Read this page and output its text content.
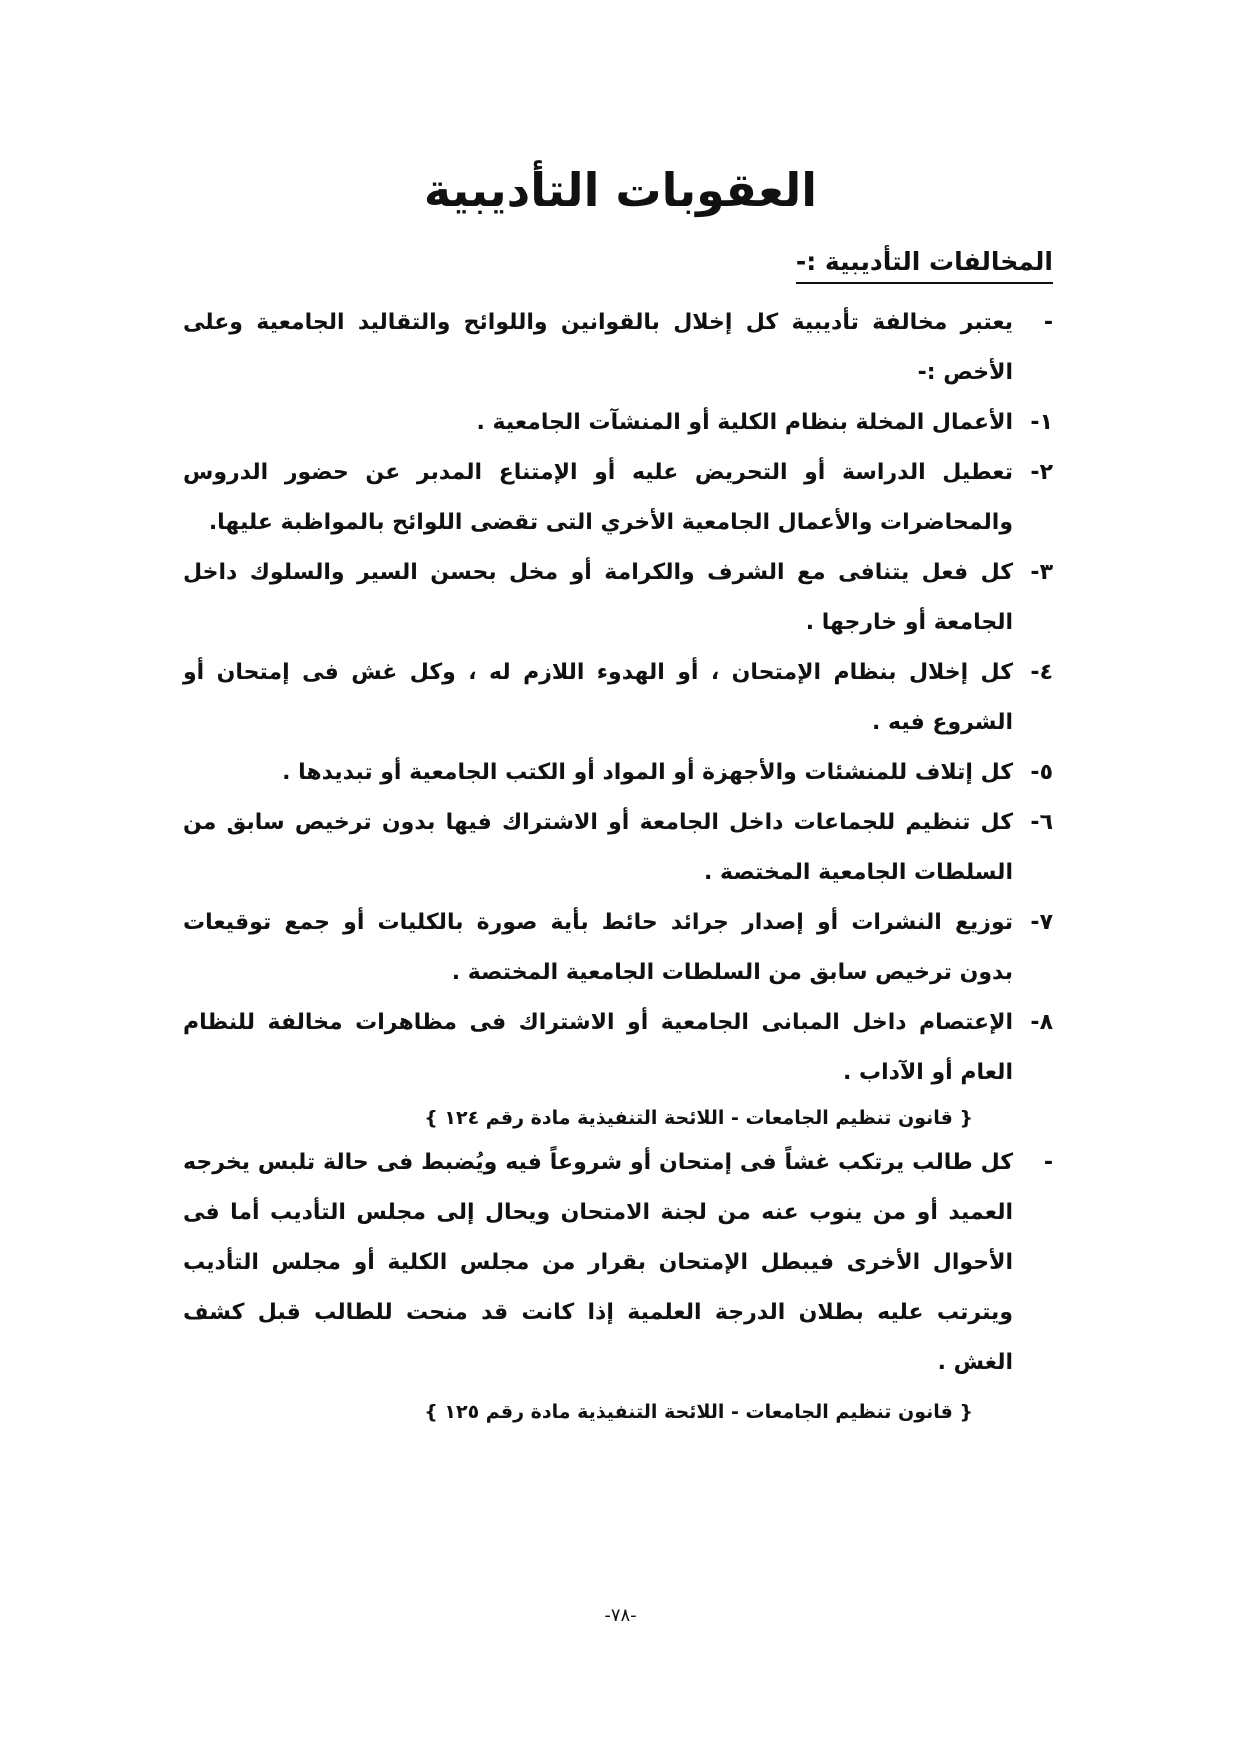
العقوبات التأديبية
المخالفات التأديبية :-
-
يعتبر مخالفة تأديبية كل إخلال بالقوانين واللوائح والتقاليد الجامعية وعلى الأخص :-
١-
الأعمال المخلة بنظام الكلية أو المنشآت الجامعية .
٢-
تعطيل الدراسة أو التحريض عليه أو الإمتناع المدبر عن حضور الدروس والمحاضرات والأعمال الجامعية الأخري التى تقضى اللوائح بالمواظبة عليها.
٣-
كل فعل يتنافى مع الشرف والكرامة أو مخل بحسن السير والسلوك داخل الجامعة أو خارجها .
٤-
كل إخلال بنظام الإمتحان ، أو الهدوء اللازم له ، وكل غش فى إمتحان أو الشروع فيه .
٥-
كل إتلاف للمنشئات والأجهزة أو المواد أو الكتب الجامعية أو تبديدها .
٦-
كل تنظيم للجماعات داخل الجامعة أو الاشتراك فيها بدون ترخيص سابق من السلطات الجامعية المختصة .
٧-
توزيع النشرات أو إصدار جرائد حائط بأية صورة بالكليات أو جمع توقيعات بدون ترخيص سابق من السلطات الجامعية المختصة .
٨-
الإعتصام داخل المبانى الجامعية أو الاشتراك فى مظاهرات مخالفة للنظام العام أو الآداب .
{ قانون تنظيم الجامعات - اللائحة التنفيذية مادة رقم ١٢٤ }
-
كل طالب يرتكب غشاً فى إمتحان أو شروعاً فيه ويُضبط فى حالة تلبس يخرجه العميد أو من ينوب عنه من لجنة الامتحان ويحال إلى مجلس التأديب أما فى الأحوال الأخرى فيبطل الإمتحان بقرار من مجلس الكلية أو مجلس التأديب ويترتب عليه بطلان الدرجة العلمية إذا كانت قد منحت للطالب قبل كشف الغش .
{ قانون تنظيم الجامعات - اللائحة التنفيذية مادة رقم ١٢٥ }
-٧٨-
